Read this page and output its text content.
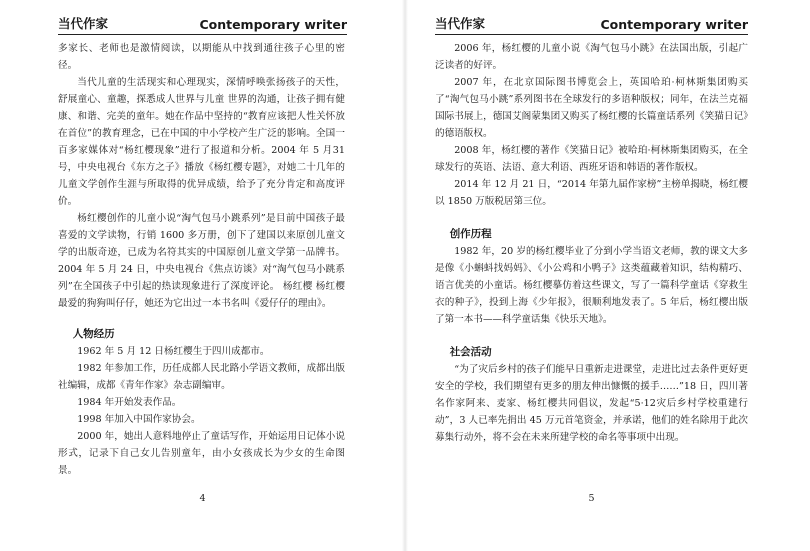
当代作家	Contemporary writer

多家长、老师也是激情阅读，以期能从中找到通往孩子心里的密径。

当代儿童的生活现实和心理现实，深情呼唤张扬孩子的天性，舒展童心、童趣，探悉成人世界与儿童 世界的沟通，让孩子拥有健康、和谐、完美的童年。她在作品中坚持的“教育应该把人性关怀放在首位”的教育理念，已在中国的中小学校产生广泛的影响。全国一百多家媒体对“杨红樱现象”进行了报道和分析。2004 年 5 月31 号，中央电视台《东方之子》播放《杨红樱专题》，对她二十几年的儿童文学创作生涯与所取得的优异成绩，给予了充分肯定和高度评价。

杨红樱创作的儿童小说“淘气包马小跳系列”是目前中国孩子最喜爱的文学读物，行销 1600 多万册，创下了建国以来原创儿童文学的出版奇迹，已成为名符其实的中国原创儿童文学第一品牌书。2004 年 5 月 24 日，中央电视台《焦点访谈》对“淘气包马小跳系列”在全国孩子中引起的热读现象进行了深度评论。 杨红樱 杨红樱最爱的狗狗叫仔仔，她还为它出过一本书名叫《爱仔仔的理由》。

人物经历

1962 年 5 月 12 日杨红樱生于四川成都市。

1982 年参加工作，历任成都人民北路小学语文教师，成都出版社编辑，成都《青年作家》杂志副编审。

1984 年开始发表作品。

1998 年加入中国作家协会。

2000 年，她出人意料地停止了童话写作，开始运用日记体小说形式，记录下自己女儿告别童年，由小女孩成长为少女的生命图景。

4
当代作家	Contemporary writer

2006 年，杨红樱的儿童小说《淘气包马小跳》在法国出版，引起广泛读者的好评。

2007 年，在北京国际图书博览会上，英国哈珀·柯林斯集团购买了“淘气包马小跳”系列图书在全球发行的多语种版权；同年，在法兰克福国际书展上，德国艾阁蒙集团又购买了杨红樱的长篇童话系列《笑猫日记》的德语版权。

2008 年，杨红樱的著作《笑猫日记》被哈珀·柯林斯集团购买，在全球发行的英语、法语、意大利语、西班牙语和韩语的著作版权。

2014 年 12 月 21 日，“2014 年第九届作家榜”主榜单揭晓，杨红樱以 1850 万版税居第三位。

创作历程

1982 年，20 岁的杨红樱毕业了分到小学当语文老师，教的课文大多是像《小蝌蚪找妈妈》、《小公鸡和小鸭子》这类蕴藏着知识，结构精巧、语言优美的小童话。杨红樱摹仿着这些课文，写了一篇科学童话《穿救生衣的种子》，投到上海《少年报》，很顺利地发表了。5 年后，杨红樱出版了第一本书——科学童话集《快乐天地》。

社会活动

“为了灾后乡村的孩子们能早日重新走进课堂，走进比过去条件更好更安全的学校，我们期望有更多的朋友伸出慷慨的援手……”18 日，四川著名作家阿来、麦家、杨红樱共同倡议，发起“5·12灾后乡村学校重建行动”，3 人已率先捐出 45 万元首笔资金，并承诺，他们的姓名除用于此次募集行动外，将不会在未来所建学校的命名等事项中出现。

5
